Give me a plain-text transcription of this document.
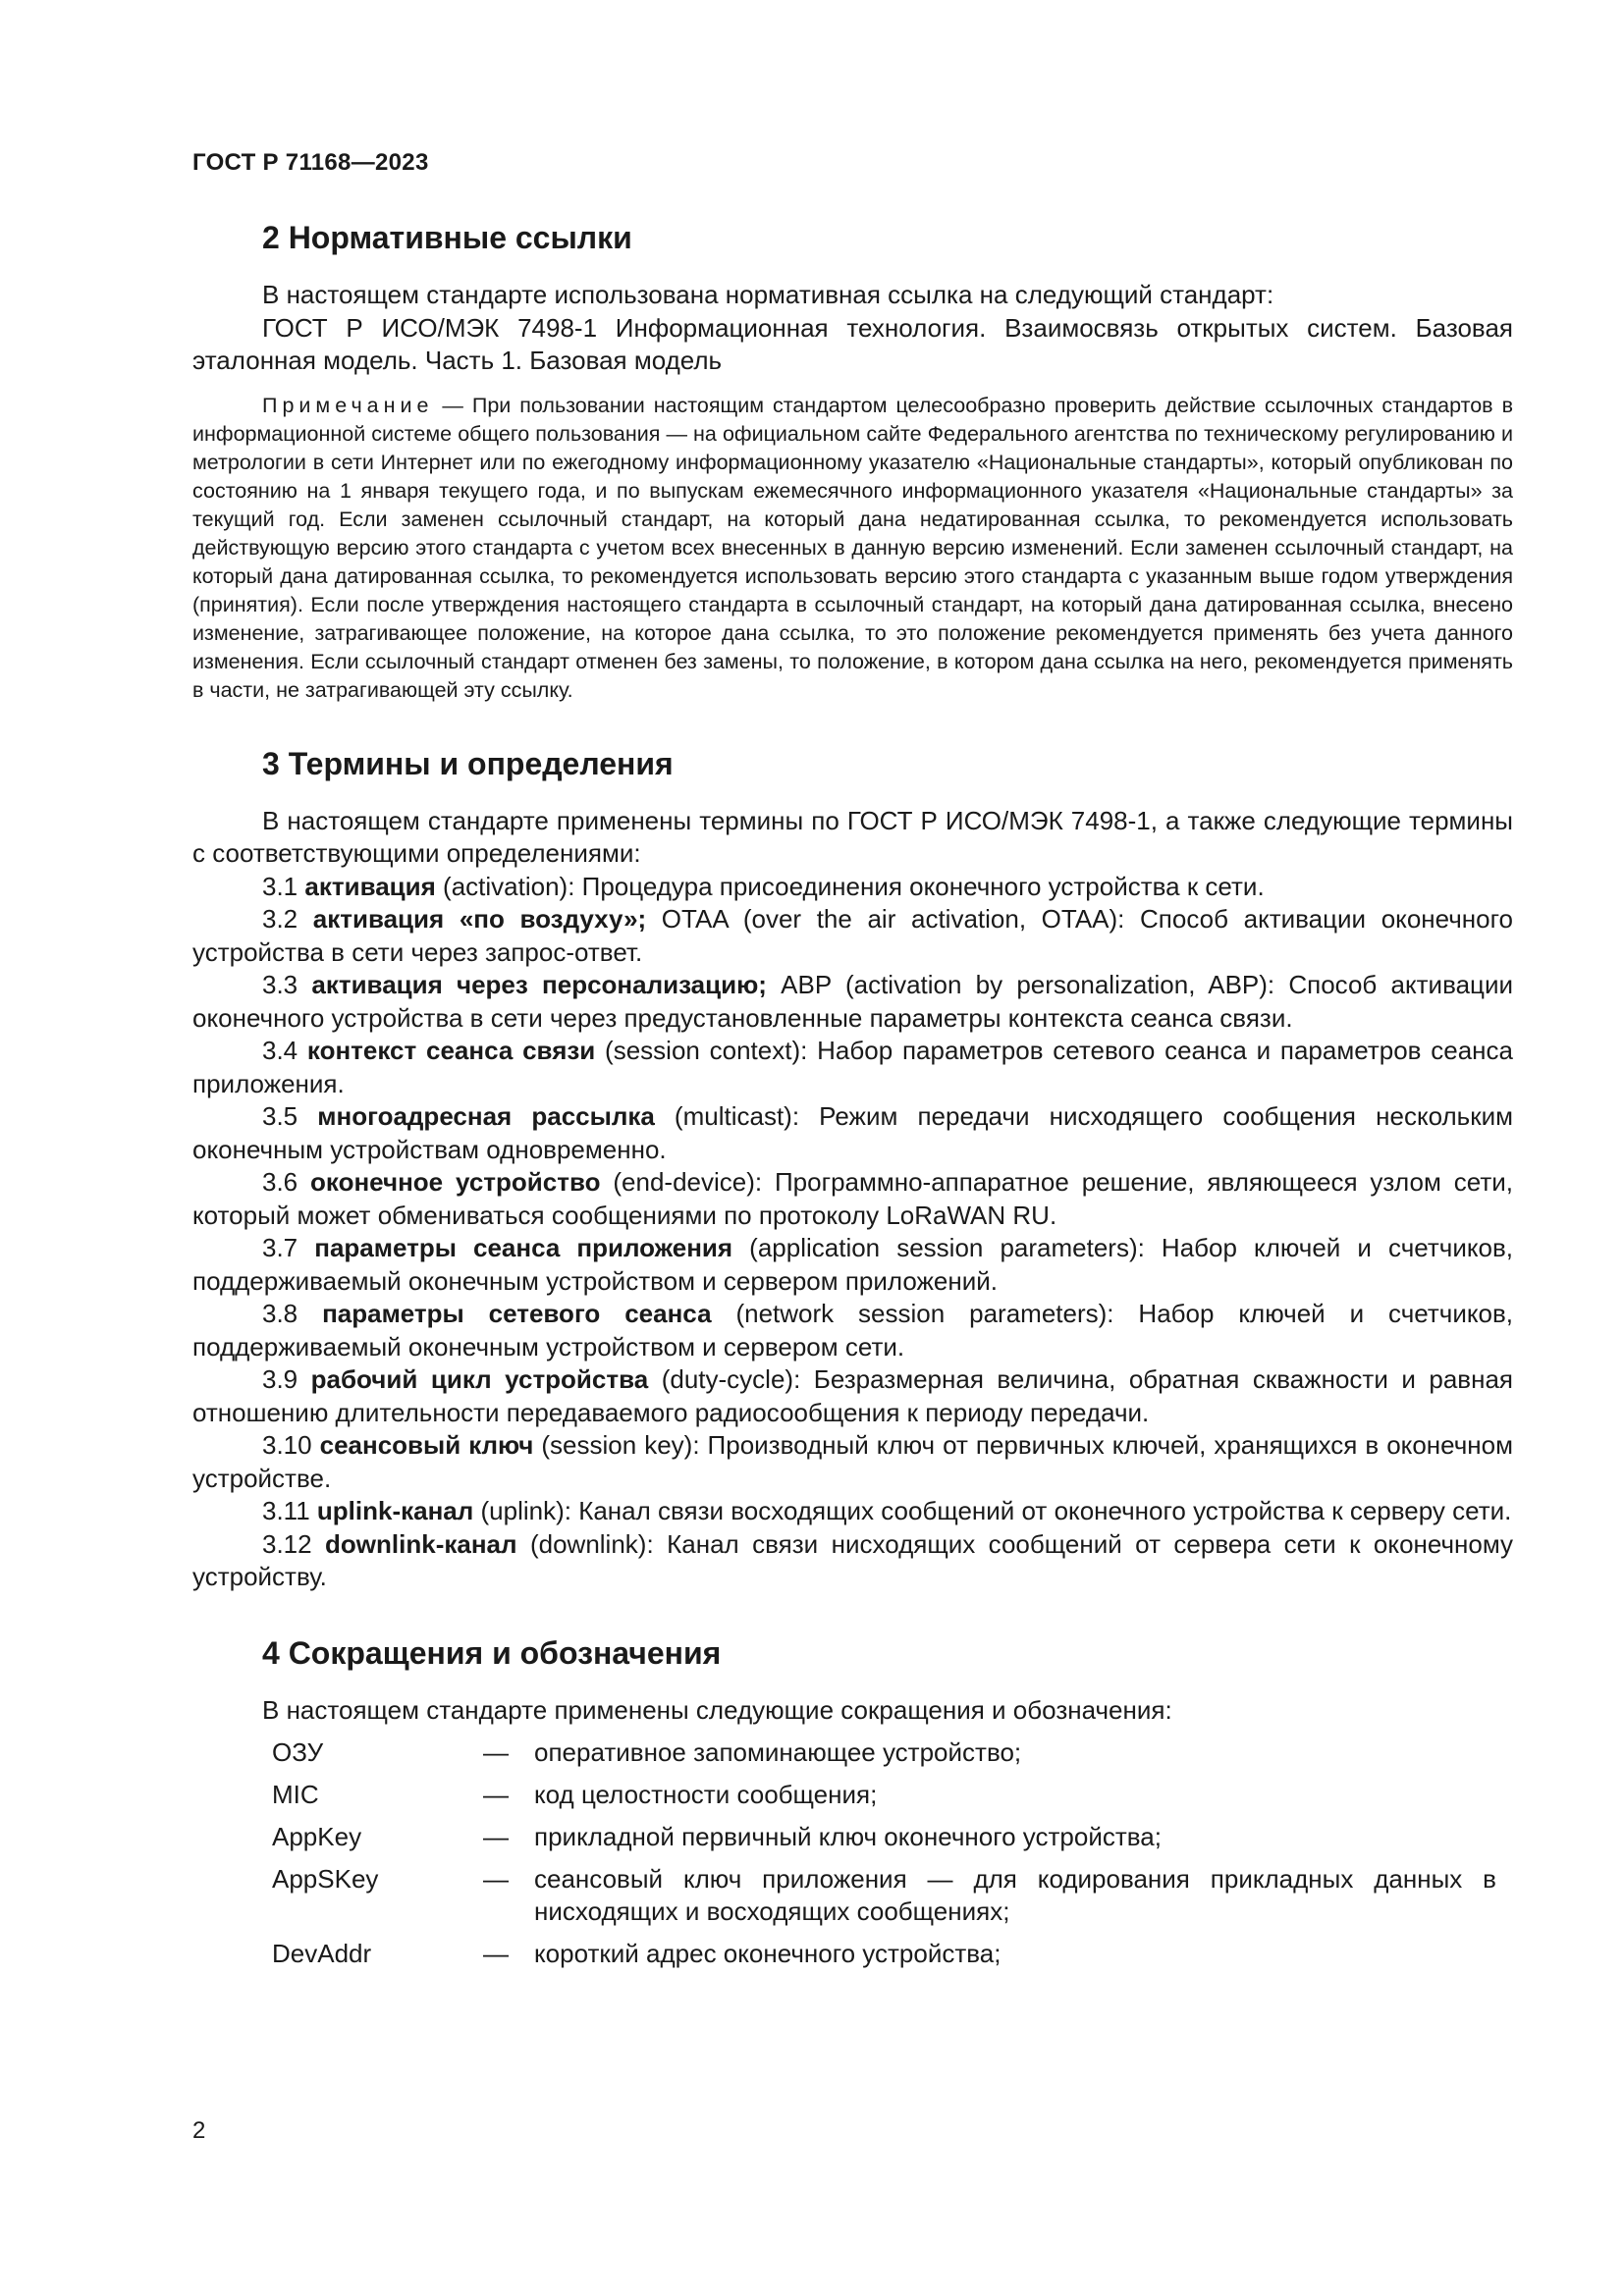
ГОСТ Р 71168—2023
2 Нормативные ссылки

В настоящем стандарте использована нормативная ссылка на следующий стандарт:

ГОСТ Р ИСО/МЭК 7498-1 Информационная технология. Взаимосвязь открытых систем. Базовая эталонная модель. Часть 1. Базовая модель

Примечание — При пользовании настоящим стандартом целесообразно проверить действие ссылочных стандартов в информационной системе общего пользования — на официальном сайте Федерального агентства по техническому регулированию и метрологии в сети Интернет или по ежегодному информационному указателю «Национальные стандарты», который опубликован по состоянию на 1 января текущего года, и по выпускам ежемесячного информационного указателя «Национальные стандарты» за текущий год. Если заменен ссылочный стандарт, на который дана недатированная ссылка, то рекомендуется использовать действующую версию этого стандарта с учетом всех внесенных в данную версию изменений. Если заменен ссылочный стандарт, на который дана датированная ссылка, то рекомендуется использовать версию этого стандарта с указанным выше годом утверждения (принятия). Если после утверждения настоящего стандарта в ссылочный стандарт, на который дана датированная ссылка, внесено изменение, затрагивающее положение, на которое дана ссылка, то это положение рекомендуется применять без учета данного изменения. Если ссылочный стандарт отменен без замены, то положение, в котором дана ссылка на него, рекомендуется применять в части, не затрагивающей эту ссылку.

3 Термины и определения

В настоящем стандарте применены термины по ГОСТ Р ИСО/МЭК 7498-1, а также следующие термины с соответствующими определениями:

3.1 активация (activation): Процедура присоединения оконечного устройства к сети.

3.2 активация «по воздуху»; OTAA (over the air activation, OTAA): Способ активации оконечного устройства в сети через запрос-ответ.

3.3 активация через персонализацию; ABP (activation by personalization, ABP): Способ активации оконечного устройства в сети через предустановленные параметры контекста сеанса связи.

3.4 контекст сеанса связи (session context): Набор параметров сетевого сеанса и параметров сеанса приложения.

3.5 многоадресная рассылка (multicast): Режим передачи нисходящего сообщения нескольким оконечным устройствам одновременно.

3.6 оконечное устройство (end-device): Программно-аппаратное решение, являющееся узлом сети, который может обмениваться сообщениями по протоколу LoRaWAN RU.

3.7 параметры сеанса приложения (application session parameters): Набор ключей и счетчиков, поддерживаемый оконечным устройством и сервером приложений.

3.8 параметры сетевого сеанса (network session parameters): Набор ключей и счетчиков, поддерживаемый оконечным устройством и сервером сети.

3.9 рабочий цикл устройства (duty-cycle): Безразмерная величина, обратная скважности и равная отношению длительности передаваемого радиосообщения к периоду передачи.

3.10 сеансовый ключ (session key): Производный ключ от первичных ключей, хранящихся в оконечном устройстве.

3.11 uplink-канал (uplink): Канал связи восходящих сообщений от оконечного устройства к серверу сети.

3.12 downlink-канал (downlink): Канал связи нисходящих сообщений от сервера сети к оконечному устройству.

4 Сокращения и обозначения

В настоящем стандарте применены следующие сокращения и обозначения:

ОЗУ	—	оперативное запоминающее устройство;
MIC	—	код целостности сообщения;
AppKey	—	прикладной первичный ключ оконечного устройства;
AppSKey	—	сеансовый ключ приложения — для кодирования прикладных данных в нисходящих и восходящих сообщениях;
DevAddr	—	короткий адрес оконечного устройства;
2
